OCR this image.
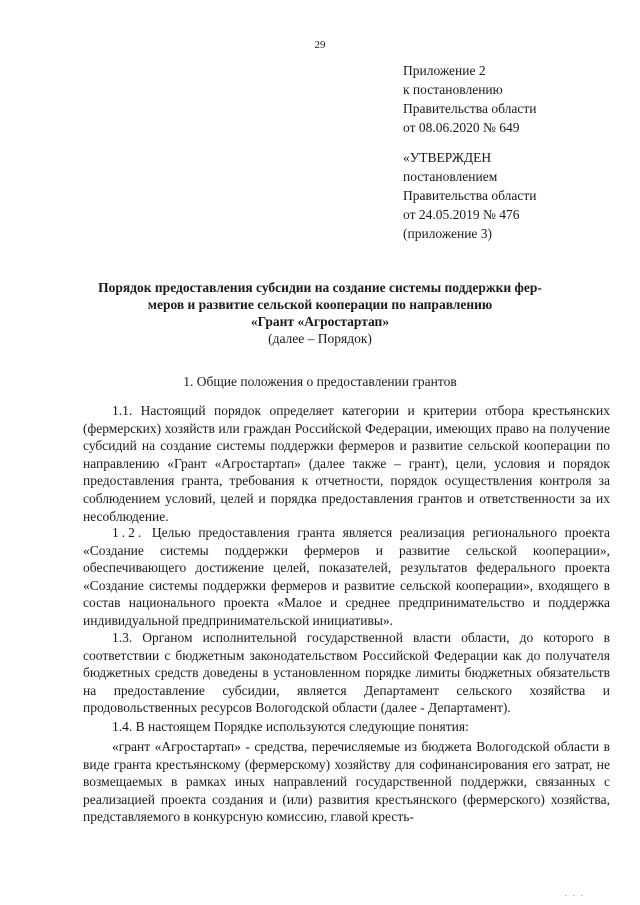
29
Приложение 2
к постановлению
Правительства области
от 08.06.2020 № 649
«УТВЕРЖДЕН
постановлением
Правительства области
от 24.05.2019 № 476
(приложение 3)
Порядок предоставления субсидии на создание системы поддержки фер-
меров и развитие сельской кооперации по направлению
«Грант «Агростартап»
(далее – Порядок)
1. Общие положения о предоставлении грантов

1.1. Настоящий порядок определяет категории и критерии отбора крестьянских (фермерских) хозяйств или граждан Российской Федерации, имеющих право на получение субсидий на создание системы поддержки фермеров и развитие сельской кооперации по направлению «Грант «Агростартап» (далее также – грант), цели, условия и порядок предоставления гранта, требования к отчетности, порядок осуществления контроля за соблюдением условий, целей и порядка предоставления грантов и ответственности за их несоблюдение.

1.2. Целью предоставления гранта является реализация регионального проекта «Создание системы поддержки фермеров и развитие сельской кооперации», обеспечивающего достижение целей, показателей, результатов федерального проекта «Создание системы поддержки фермеров и развитие сельской кооперации», входящего в состав национального проекта «Малое и среднее предпринимательство и поддержка индивидуальной предпринимательской инициативы».

1.3. Органом исполнительной государственной власти области, до которого в соответствии с бюджетным законодательством Российской Федерации как до получателя бюджетных средств доведены в установленном порядке лимиты бюджетных обязательств на предоставление субсидии, является Департамент сельского хозяйства и продовольственных ресурсов Вологодской области (далее - Департамент).

1.4. В настоящем Порядке используются следующие понятия:

«грант «Агростартап» - средства, перечисляемые из бюджета Вологодской области в виде гранта крестьянскому (фермерскому) хозяйству для софинансирования его затрат, не возмещаемых в рамках иных направлений государственной поддержки, связанных с реализацией проекта создания и (или) развития крестьянского (фермерского) хозяйства, представляемого в конкурсную комиссию, главой кресть-

. . .
